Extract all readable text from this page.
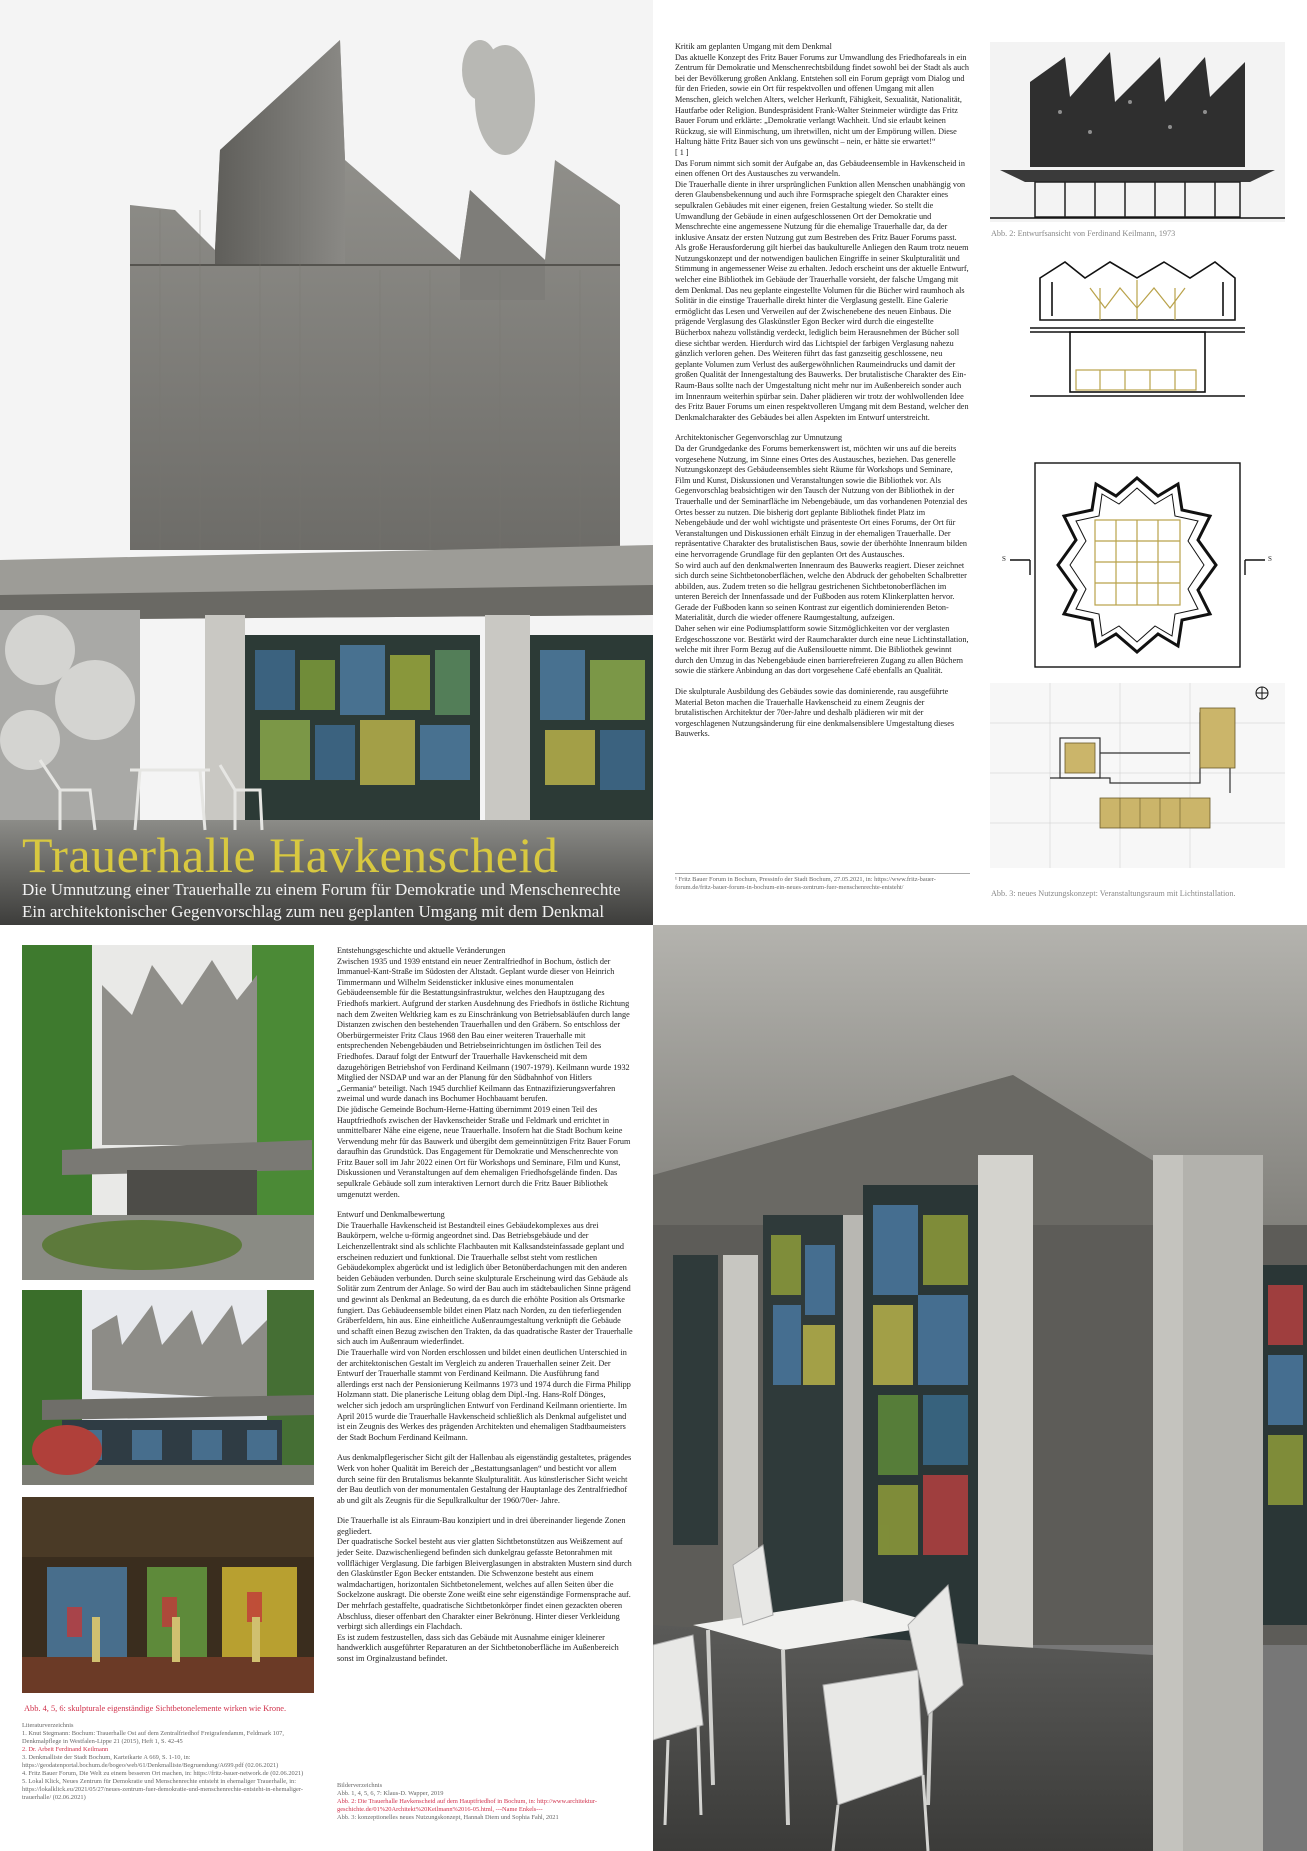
Trauerhalle Havkenscheid
Die Umnutzung einer Trauerhalle zu einem Forum für Demokratie und Menschenrechte
Ein architektonischer Gegenvorschlag zum neu geplanten Umgang mit dem Denkmal

Kritik am geplanten Umgang mit dem Denkmal

Das aktuelle Konzept des Fritz Bauer Forums zur Umwandlung des Friedhofareals in ein Zentrum für Demokratie und Menschenrechtsbildung findet sowohl bei der Stadt als auch bei der Bevölkerung großen Anklang. Entstehen soll ein Forum geprägt vom Dialog und für den Frieden, sowie ein Ort für respektvollen und offenen Umgang mit allen Menschen, gleich welchen Alters, welcher Herkunft, Fähigkeit, Sexualität, Nationalität, Hautfarbe oder Religion. Bundespräsident Frank-Walter Steinmeier würdigte das Fritz Bauer Forum und erklärte: „Demokratie verlangt Wachheit. Und sie erlaubt keinen Rückzug, sie will Einmischung, um ihretwillen, nicht um der Empörung willen. Diese Haltung hätte Fritz Bauer sich von uns gewünscht – nein, er hätte sie erwartet!“

[ 1 ]

Das Forum nimmt sich somit der Aufgabe an, das Gebäudeensemble in Havkenscheid in einen offenen Ort des Austausches zu verwandeln.

Die Trauerhalle diente in ihrer ursprünglichen Funktion allen Menschen unabhängig von deren Glaubensbekennung und auch ihre Formsprache spiegelt den Charakter eines sepulkralen Gebäudes mit einer eigenen, freien Gestaltung wieder. So stellt die Umwandlung der Gebäude in einen aufgeschlossenen Ort der Demokratie und Menschrechte eine angemessene Nutzung für die ehemalige Trauerhalle dar, da der inklusive Ansatz der ersten Nutzung gut zum Bestreben des Fritz Bauer Forums passt.

Als große Herausforderung gilt hierbei das baukulturelle Anliegen den Raum trotz neuem Nutzungskonzept und der notwendigen baulichen Eingriffe in seiner Skulpturalität und Stimmung in angemessener Weise zu erhalten. Jedoch erscheint uns der aktuelle Entwurf, welcher eine Bibliothek im Gebäude der Trauerhalle vorsieht, der falsche Umgang mit dem Denkmal. Das neu geplante eingestellte Volumen für die Bücher wird raumhoch als Solitär in die einstige Trauerhalle direkt hinter die Verglasung gestellt. Eine Galerie ermöglicht das Lesen und Verweilen auf der Zwischenebene des neuen Einbaus. Die prägende Verglasung des Glaskünstler Egon Becker wird durch die eingestellte Bücherbox nahezu vollständig verdeckt, lediglich beim Herausnehmen der Bücher soll diese sichtbar werden. Hierdurch wird das Lichtspiel der farbigen Verglasung nahezu gänzlich verloren gehen. Des Weiteren führt das fast ganzseitig geschlossene, neu geplante Volumen zum Verlust des außergewöhnlichen Raumeindrucks und damit der großen Qualität der Innengestaltung des Bauwerks. Der brutalistische Charakter des Ein-Raum-Baus sollte nach der Umgestaltung nicht mehr nur im Außenbereich sonder auch im Innenraum weiterhin spürbar sein. Daher plädieren wir trotz der wohlwollenden Idee des Fritz Bauer Forums um einen respektvolleren Umgang mit dem Bestand, welcher den Denkmalcharakter des Gebäudes bei allen Aspekten im Entwurf unterstreicht.

Architektonischer Gegenvorschlag zur Umnutzung

Da der Grundgedanke des Forums bemerkenswert ist, möchten wir uns auf die bereits vorgesehene Nutzung, im Sinne eines Ortes des Austausches, beziehen. Das generelle Nutzungskonzept des Gebäudeensembles sieht Räume für Workshops und Seminare, Film und Kunst, Diskussionen und Veranstaltungen sowie die Bibliothek vor. Als Gegenvorschlag beabsichtigen wir den Tausch der Nutzung von der Bibliothek in der Trauerhalle und der Seminarfläche im Nebengebäude, um das vorhandenen Potenzial des Ortes besser zu nutzen. Die bisherig dort geplante Bibliothek findet Platz im Nebengebäude und der wohl wichtigste und präsenteste Ort eines Forums, der Ort für Veranstaltungen und Diskussionen erhält Einzug in der ehemaligen Trauerhalle. Der repräsentative Charakter des brutalistischen Baus, sowie der überhöhte Innenraum bilden eine hervorragende Grundlage für den geplanten Ort des Austausches.

So wird auch auf den denkmalwerten Innenraum des Bauwerks reagiert. Dieser zeichnet sich durch seine Sichtbetonoberflächen, welche den Abdruck der gehobelten Schalbretter abbilden, aus. Zudem treten so die hellgrau gestrichenen Sichtbetonoberflächen im unteren Bereich der Innenfassade und der Fußboden aus rotem Klinkerplatten hervor. Gerade der Fußboden kann so seinen Kontrast zur eigentlich dominierenden Beton-Materialität, durch die wieder offenere Raumgestaltung, aufzeigen.

Daher sehen wir eine Podiumsplattform sowie Sitzmöglichkeiten vor der verglasten Erdgeschosszone vor. Bestärkt wird der Raumcharakter durch eine neue Lichtinstallation, welche mit ihrer Form Bezug auf die Außensilouette nimmt. Die Bibliothek gewinnt durch den Umzug in das Nebengebäude einen barrierefreieren Zugang zu allen Büchern sowie die stärkere Anbindung an das dort vorgesehene Café ebenfalls an Qualität.

Die skulpturale Ausbildung des Gebäudes sowie das dominierende, rau ausgeführte Material Beton machen die Trauerhalle Havkenscheid zu einem Zeugnis der brutalistischen Architektur der 70er-Jahre und deshalb plädieren wir mit der vorgeschlagenen Nutzungsänderung für eine denkmalsensiblere Umgestaltung dieses Bauwerks.

¹ Fritz Bauer Forum in Bochum, Pressinfo der Stadt Bochum, 27.05.2021, in: https://www.fritz-bauer-forum.de/fritz-bauer-forum-in-bochum-ein-neues-zentrum-fuer-menschenrechte-entsteht/
Abb. 2: Entwurfsansicht von Ferdinand Keilmann, 1973
S	S
Abb. 3: neues Nutzungskonzept: Veranstaltungsraum mit Lichtinstallation.
Abb. 4, 5, 6: skulpturale eigenständige Sichtbetonelemente wirken wie Krone.
Literaturverzeichnis
1. Knut Stegmann: Bochum: Trauerhalle Ost auf dem Zentralfriedhof Freigrafendamm, Feldmark 107, Denkmalpflege in Westfalen-Lippe 21 (2015), Heft 1, S. 42-45
2. Dr. Arbeit Ferdinand Keilmann
3. Denkmalliste der Stadt Bochum, Karteikarte A 669, S. 1-10, in: https://geodatenportal.bochum.de/bogeo/web/61/Denkmalliste/Begruendung/A699.pdf (02.06.2021)
4. Fritz Bauer Forum, Die Welt zu einem besseren Ort machen, in: https://fritz-bauer-network.de (02.06.2021)
5. Lokal Klick, Neues Zentrum für Demokratie und Menschenrechte entsteht in ehemaliger Trauerhalle, in: https://lokalklick.eu/2021/05/27/neues-zentrum-fuer-demokratie-und-menschenrechte-entsteht-in-ehemaliger-trauerhalle/ (02.06.2021)

Entstehungsgeschichte und aktuelle Veränderungen

Zwischen 1935 und 1939 entstand ein neuer Zentralfriedhof in Bochum, östlich der Immanuel-Kant-Straße im Südosten der Altstadt. Geplant wurde dieser von Heinrich Timmermann und Wilhelm Seidensticker inklusive eines monumentalen Gebäudeensemble für die Bestattungsinfrastruktur, welches den Hauptzugang des Friedhofs markiert. Aufgrund der starken Ausdehnung des Friedhofs in östliche Richtung nach dem Zweiten Weltkrieg kam es zu Einschränkung von Betriebsabläufen durch lange Distanzen zwischen den bestehenden Trauerhallen und den Gräbern. So entschloss der Oberbürgermeister Fritz Claus 1968 den Bau einer weiteren Trauerhalle mit entsprechenden Nebengebäuden und Betriebseinrichtungen im östlichen Teil des Friedhofes. Darauf folgt der Entwurf der Trauerhalle Havkenscheid mit dem dazugehörigen Betriebshof von Ferdinand Keilmann (1907-1979). Keilmann wurde 1932 Mitglied der NSDAP und war an der Planung für den Südbahnhof von Hitlers „Germania“ beteiligt. Nach 1945 durchlief Keilmann das Entnazifizierungsverfahren zweimal und wurde danach ins Bochumer Hochbauamt berufen.

Die jüdische Gemeinde Bochum-Herne-Hatting übernimmt 2019 einen Teil des Hauptfriedhofs zwischen der Havkenscheider Straße und Feldmark und errichtet in unmittelbarer Nähe eine eigene, neue Trauerhalle. Insofern hat die Stadt Bochum keine Verwendung mehr für das Bauwerk und übergibt dem gemeinnützigen Fritz Bauer Forum daraufhin das Grundstück. Das Engagement für Demokratie und Menschenrechte von Fritz Bauer soll im Jahr 2022 einen Ort für Workshops und Seminare, Film und Kunst, Diskussionen und Veranstaltungen auf dem ehemaligen Friedhofsgelände finden. Das sepulkrale Gebäude soll zum interaktiven Lernort durch die Fritz Bauer Bibliothek umgenutzt werden.

Entwurf und Denkmalbewertung

Die Trauerhalle Havkenscheid ist Bestandteil eines Gebäudekomplexes aus drei Baukörpern, welche u-förmig angeordnet sind. Das Betriebsgebäude und der Leichenzellentrakt sind als schlichte Flachbauten mit Kalksandsteinfassade geplant und erscheinen reduziert und funktional. Die Trauerhalle selbst steht vom restlichen Gebäudekomplex abgerückt und ist lediglich über Betonüberdachungen mit den anderen beiden Gebäuden verbunden. Durch seine skulpturale Erscheinung wird das Gebäude als Solitär zum Zentrum der Anlage. So wird der Bau auch im städtebaulichen Sinne prägend und gewinnt als Denkmal an Bedeutung, da es durch die erhöhte Position als Ortsmarke fungiert. Das Gebäudeensemble bildet einen Platz nach Norden, zu den tieferliegenden Gräberfeldern, hin aus. Eine einheitliche Außenraumgestaltung verknüpft die Gebäude und schafft einen Bezug zwischen den Trakten, da das quadratische Raster der Trauerhalle sich auch im Außenraum wiederfindet.

Die Trauerhalle wird von Norden erschlossen und bildet einen deutlichen Unterschied in der architektonischen Gestalt im Vergleich zu anderen Trauerhallen seiner Zeit. Der Entwurf der Trauerhalle stammt von Ferdinand Keilmann. Die Ausführung fand allerdings erst nach der Pensionierung Keilmanns 1973 und 1974 durch die Firma Philipp Holzmann statt. Die planerische Leitung oblag dem Dipl.-Ing. Hans-Rolf Dönges, welcher sich jedoch am ursprünglichen Entwurf von Ferdinand Keilmann orientierte. Im April 2015 wurde die Trauerhalle Havkenscheid schließlich als Denkmal aufgelistet und ist ein Zeugnis des Werkes des prägenden Architekten und ehemaligen Stadtbaumeisters der Stadt Bochum Ferdinand Keilmann.

Aus denkmalpflegerischer Sicht gilt der Hallenbau als eigenständig gestaltetes, prägendes Werk von hoher Qualität im Bereich der „Bestattungsanlagen“ und besticht vor allem durch seine für den Brutalismus bekannte Skulpturalität. Aus künstlerischer Sicht weicht der Bau deutlich von der monumentalen Gestaltung der Hauptanlage des Zentralfriedhof ab und gilt als Zeugnis für die Sepulkralkultur der 1960/70er- Jahre.

Die Trauerhalle ist als Einraum-Bau konzipiert und in drei übereinander liegende Zonen gegliedert.

Der quadratische Sockel besteht aus vier glatten Sichtbetonstützen aus Weißzement auf jeder Seite. Dazwischenliegend befinden sich dunkelgrau gefasste Betonrahmen mit vollflächiger Verglasung. Die farbigen Bleiverglasungen in abstrakten Mustern sind durch den Glaskünstler Egon Becker entstanden. Die Schwenzone besteht aus einem walmdachartigen, horizontalen Sichtbetonelement, welches auf allen Seiten über die Sockelzone auskragt. Die oberste Zone weißt eine sehr eigenständige Formensprache auf. Der mehrfach gestaffelte, quadratische Sichtbetonkörper findet einen gezackten oberen Abschluss, dieser offenbart den Charakter einer Bekrönung. Hinter dieser Verkleidung verbirgt sich allerdings ein Flachdach.

Es ist zudem festzustellen, dass sich das Gebäude mit Ausnahme einiger kleinerer handwerklich ausgeführter Reparaturen an der Sichtbetonoberfläche im Außenbereich sonst im Orginalzustand befindet.

Bilderverzeichnis
Abb. 1, 4, 5, 6, 7: Klaus-D. Wapper, 2019
Abb. 2: Die Trauerhalle Havkenscheid auf dem Hauptfriedhof in Bochum, in: http://www.architektur-geschichte.de/01%20Architekt%20Keilmann%2016-05.html, ---Name Enkels---
Abb. 3: konzeptionelles neues Nutzungskonzept, Hannah Diem und Sophia Fahl, 2021
